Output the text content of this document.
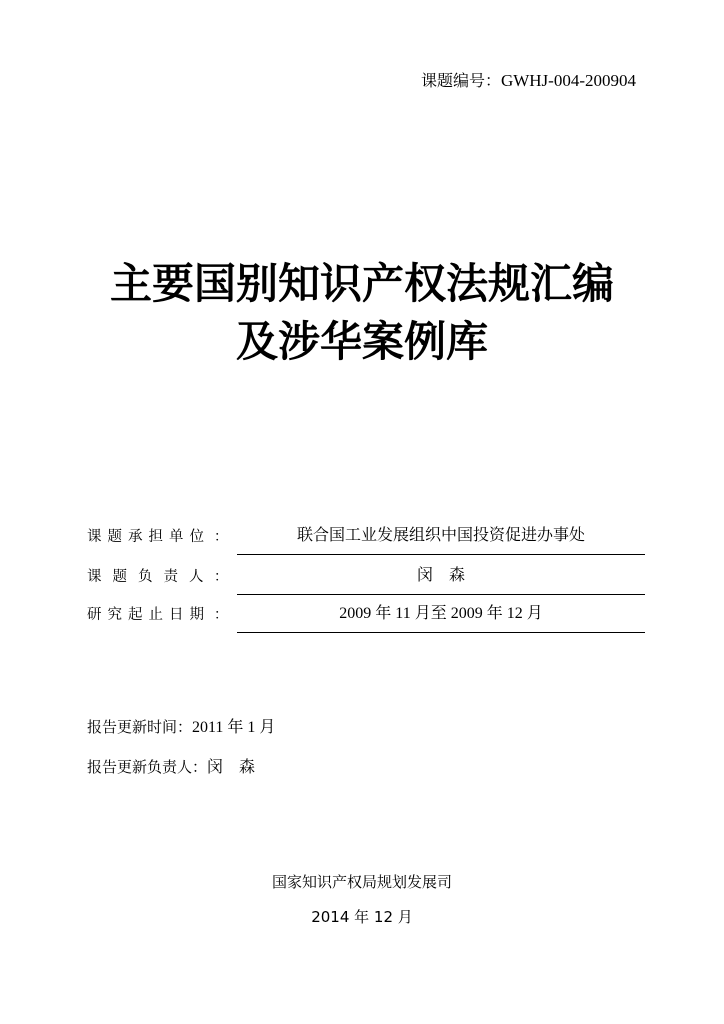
课题编号：GWHJ-004-200904
主要国别知识产权法规汇编
及涉华案例库
课题承担单位 ：	联合国工业发展组织中国投资促进办事处
课题负责人 ：	闵　森
研究起止日期 ：	2009 年 11 月至 2009 年 12 月
报告更新时间：2011 年 1 月
报告更新负责人：闵　森
国家知识产权局规划发展司
2014 年 12 月
